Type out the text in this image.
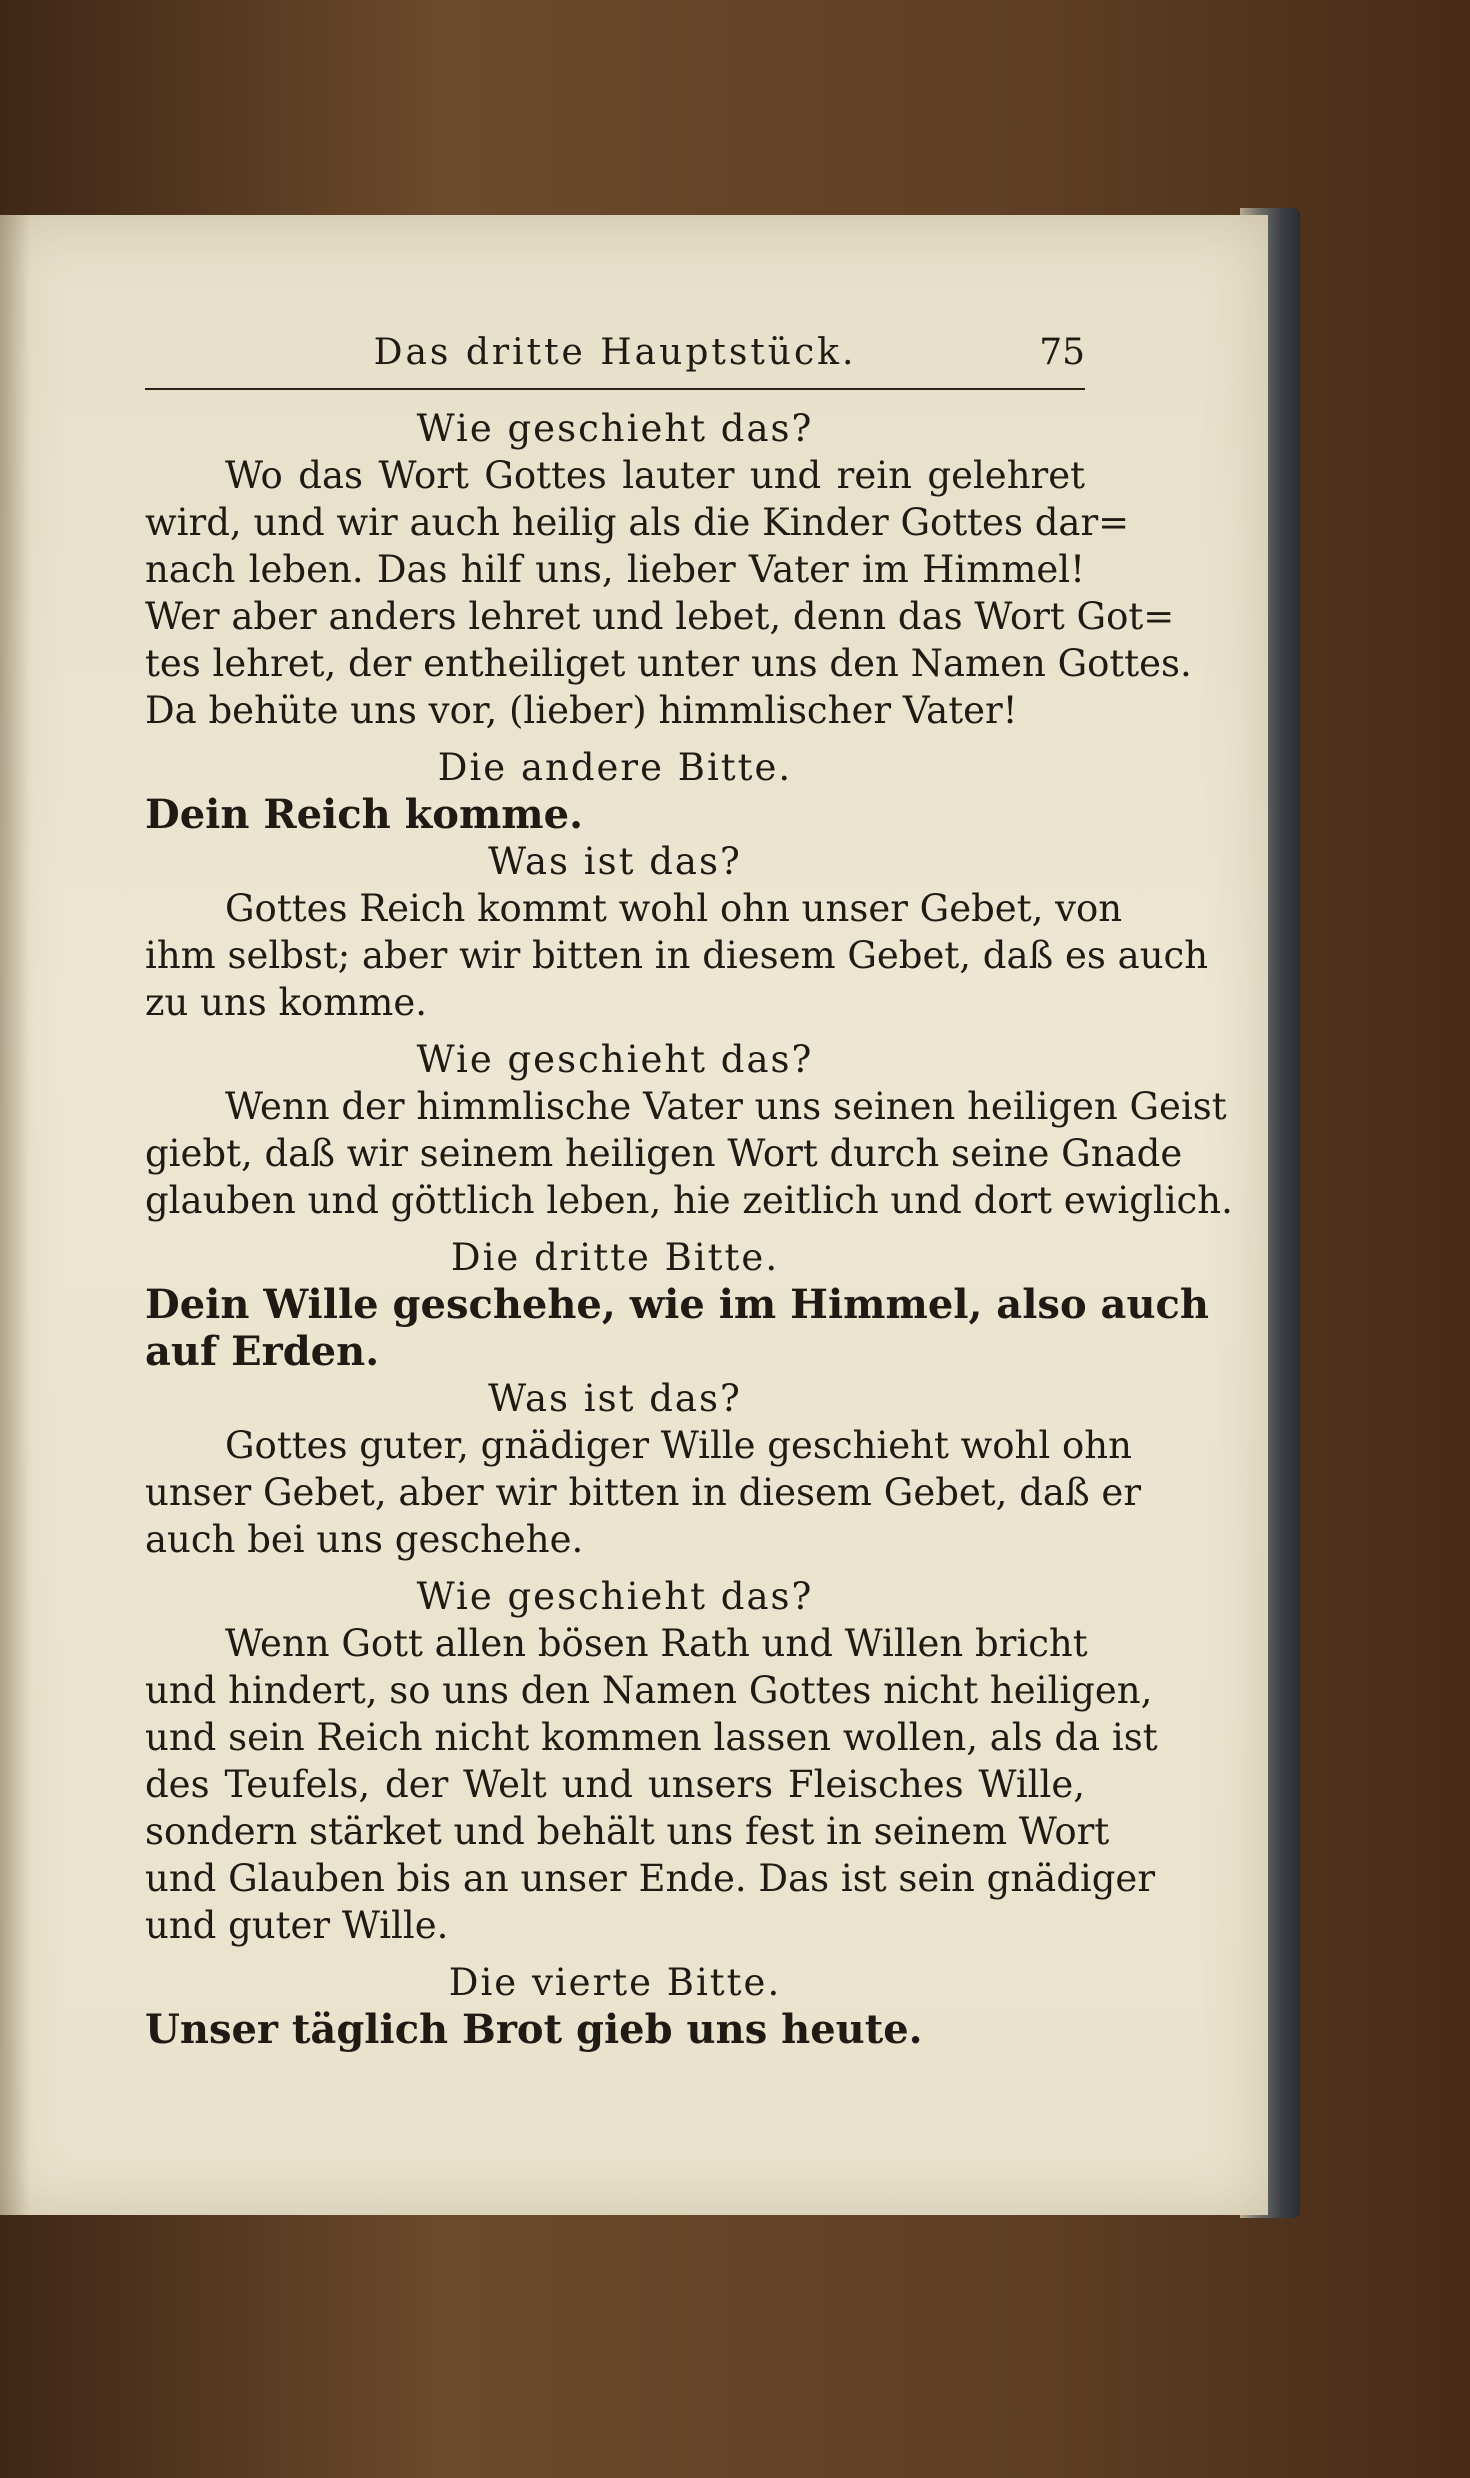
Das dritte Hauptstück.	75
Wie geschieht das?
Wo das Wort Gottes lauter und rein gelehret
wird, und wir auch heilig als die Kinder Gottes dar=
nach leben. Das hilf uns, lieber Vater im Himmel!
Wer aber anders lehret und lebet, denn das Wort Got=
tes lehret, der entheiliget unter uns den Namen Gottes.
Da behüte uns vor, (lieber) himmlischer Vater!
Die andere Bitte.
Dein Reich komme.
Was ist das?
Gottes Reich kommt wohl ohn unser Gebet, von
ihm selbst; aber wir bitten in diesem Gebet, daß es auch
zu uns komme.
Wie geschieht das?
Wenn der himmlische Vater uns seinen heiligen Geist
giebt, daß wir seinem heiligen Wort durch seine Gnade
glauben und göttlich leben, hie zeitlich und dort ewiglich.
Die dritte Bitte.
Dein Wille geschehe, wie im Himmel, also auch
auf Erden.
Was ist das?
Gottes guter, gnädiger Wille geschieht wohl ohn
unser Gebet, aber wir bitten in diesem Gebet, daß er
auch bei uns geschehe.
Wie geschieht das?
Wenn Gott allen bösen Rath und Willen bricht
und hindert, so uns den Namen Gottes nicht heiligen,
und sein Reich nicht kommen lassen wollen, als da ist
des Teufels, der Welt und unsers Fleisches Wille,
sondern stärket und behält uns fest in seinem Wort
und Glauben bis an unser Ende. Das ist sein gnädiger
und guter Wille.
Die vierte Bitte.
Unser täglich Brot gieb uns heute.
